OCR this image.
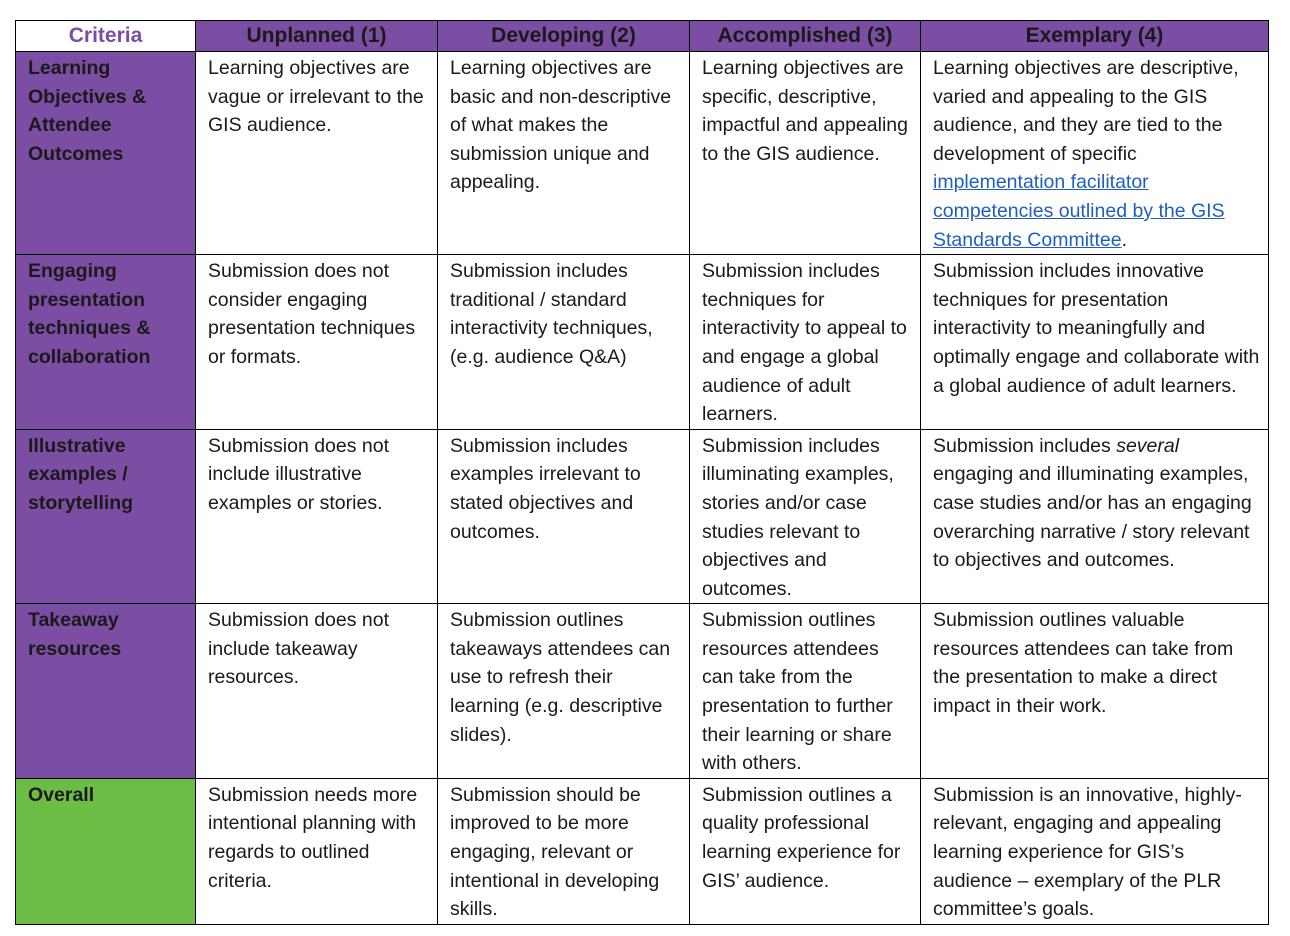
Criteria	Unplanned (1)	Developing (2)	Accomplished (3)	Exemplary (4)
Learning Objectives & Attendee Outcomes	Learning objectives are vague or irrelevant to the GIS audience.	Learning objectives are basic and non-descriptive of what makes the submission unique and appealing.	Learning objectives are specific, descriptive, impactful and appealing to the GIS audience.	Learning objectives are descriptive, varied and appealing to the GIS audience, and they are tied to the development of specific implementation facilitator competencies outlined by the GIS Standards Committee.
Engaging presentation techniques & collaboration	Submission does not consider engaging presentation techniques or formats.	Submission includes traditional / standard interactivity techniques, (e.g. audience Q&A)	Submission includes techniques for interactivity to appeal to and engage a global audience of adult learners.	Submission includes innovative techniques for presentation interactivity to meaningfully and optimally engage and collaborate with a global audience of adult learners.
Illustrative examples / storytelling	Submission does not include illustrative examples or stories.	Submission includes examples irrelevant to stated objectives and outcomes.	Submission includes illuminating examples, stories and/or case studies relevant to objectives and outcomes.	Submission includes several engaging and illuminating examples, case studies and/or has an engaging overarching narrative / story relevant to objectives and outcomes.
Takeaway resources	Submission does not include takeaway resources.	Submission outlines takeaways attendees can use to refresh their learning (e.g. descriptive slides).	Submission outlines resources attendees can take from the presentation to further their learning or share with others.	Submission outlines valuable resources attendees can take from the presentation to make a direct impact in their work.
Overall	Submission needs more intentional planning with regards to outlined criteria.	Submission should be improved to be more engaging, relevant or intentional in developing skills.	Submission outlines a quality professional learning experience for GIS’ audience.	Submission is an innovative, highly-relevant, engaging and appealing learning experience for GIS’s audience – exemplary of the PLR committee’s goals.
